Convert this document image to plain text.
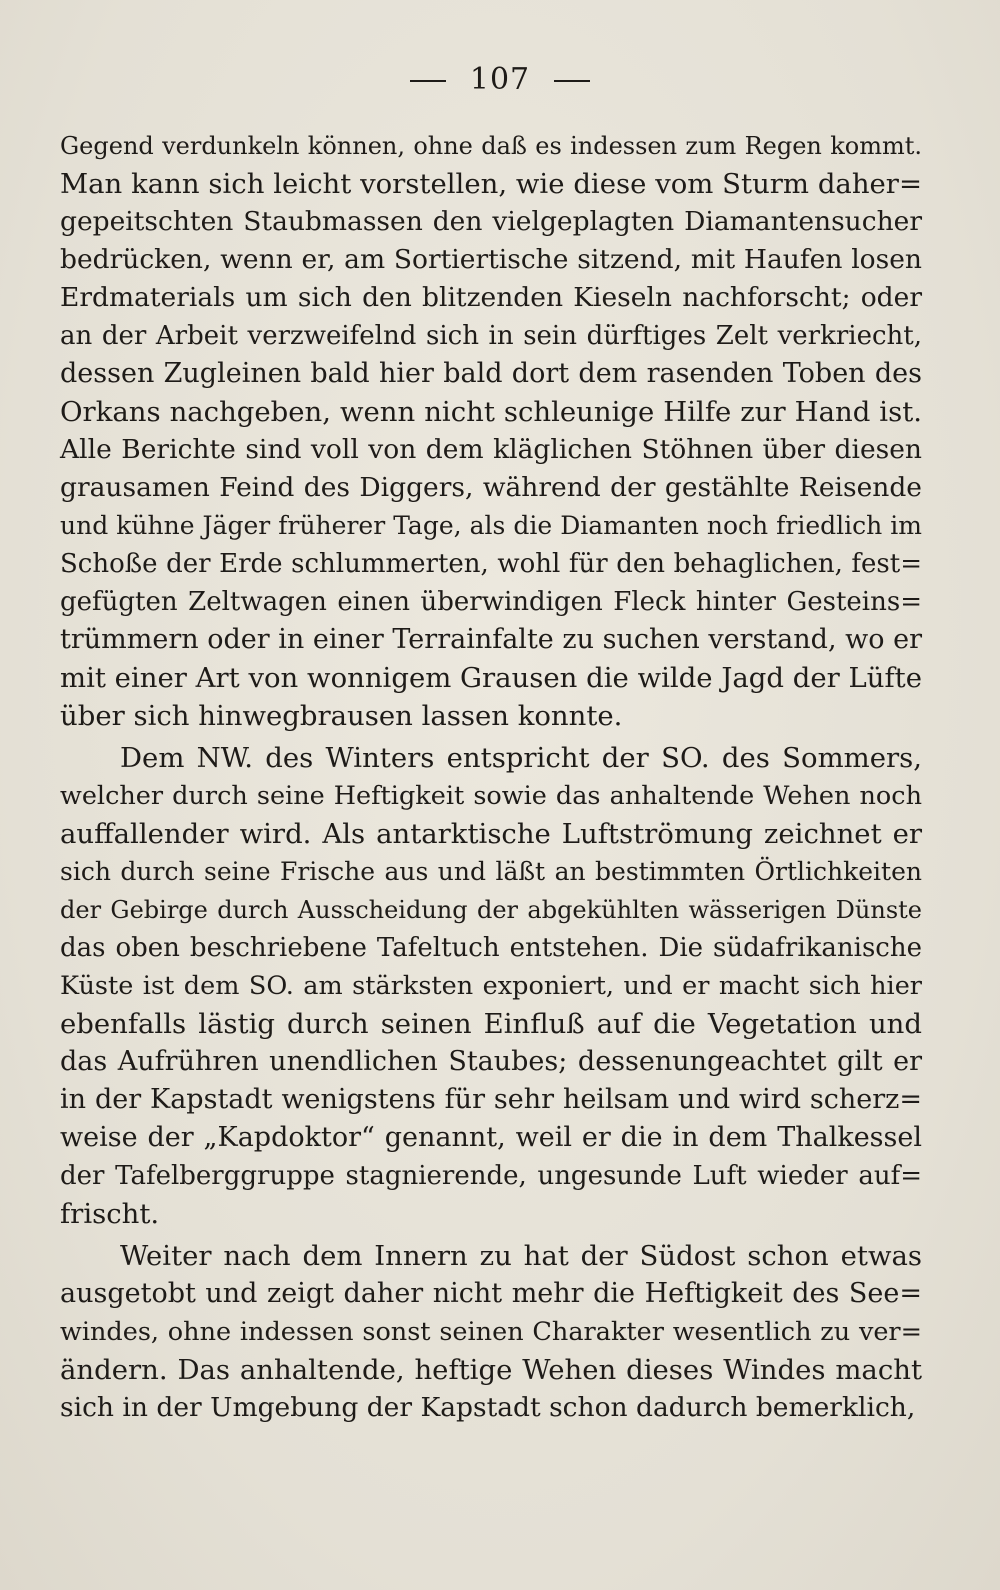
107
Gegend verdunkeln können, ohne daß es indessen zum Regen kommt.
Man kann sich leicht vorstellen, wie diese vom Sturm daher=
gepeitschten Staubmassen den vielgeplagten Diamantensucher
bedrücken, wenn er, am Sortiertische sitzend, mit Haufen losen
Erdmaterials um sich den blitzenden Kieseln nachforscht; oder
an der Arbeit verzweifelnd sich in sein dürftiges Zelt verkriecht,
dessen Zugleinen bald hier bald dort dem rasenden Toben des
Orkans nachgeben, wenn nicht schleunige Hilfe zur Hand ist.
Alle Berichte sind voll von dem kläglichen Stöhnen über diesen
grausamen Feind des Diggers, während der gestählte Reisende
und kühne Jäger früherer Tage, als die Diamanten noch friedlich im
Schoße der Erde schlummerten, wohl für den behaglichen, fest=
gefügten Zeltwagen einen überwindigen Fleck hinter Gesteins=
trümmern oder in einer Terrainfalte zu suchen verstand, wo er
mit einer Art von wonnigem Grausen die wilde Jagd der Lüfte
über sich hinwegbrausen lassen konnte.
Dem NW. des Winters entspricht der SO. des Sommers,
welcher durch seine Heftigkeit sowie das anhaltende Wehen noch
auffallender wird. Als antarktische Luftströmung zeichnet er
sich durch seine Frische aus und läßt an bestimmten Örtlichkeiten
der Gebirge durch Ausscheidung der abgekühlten wässerigen Dünste
das oben beschriebene Tafeltuch entstehen. Die südafrikanische
Küste ist dem SO. am stärksten exponiert, und er macht sich hier
ebenfalls lästig durch seinen Einfluß auf die Vegetation und
das Aufrühren unendlichen Staubes; dessenungeachtet gilt er
in der Kapstadt wenigstens für sehr heilsam und wird scherz=
weise der „Kapdoktor“ genannt, weil er die in dem Thalkessel
der Tafelberggruppe stagnierende, ungesunde Luft wieder auf=
frischt.
Weiter nach dem Innern zu hat der Südost schon etwas
ausgetobt und zeigt daher nicht mehr die Heftigkeit des See=
windes, ohne indessen sonst seinen Charakter wesentlich zu ver=
ändern. Das anhaltende, heftige Wehen dieses Windes macht
sich in der Umgebung der Kapstadt schon dadurch bemerklich,
